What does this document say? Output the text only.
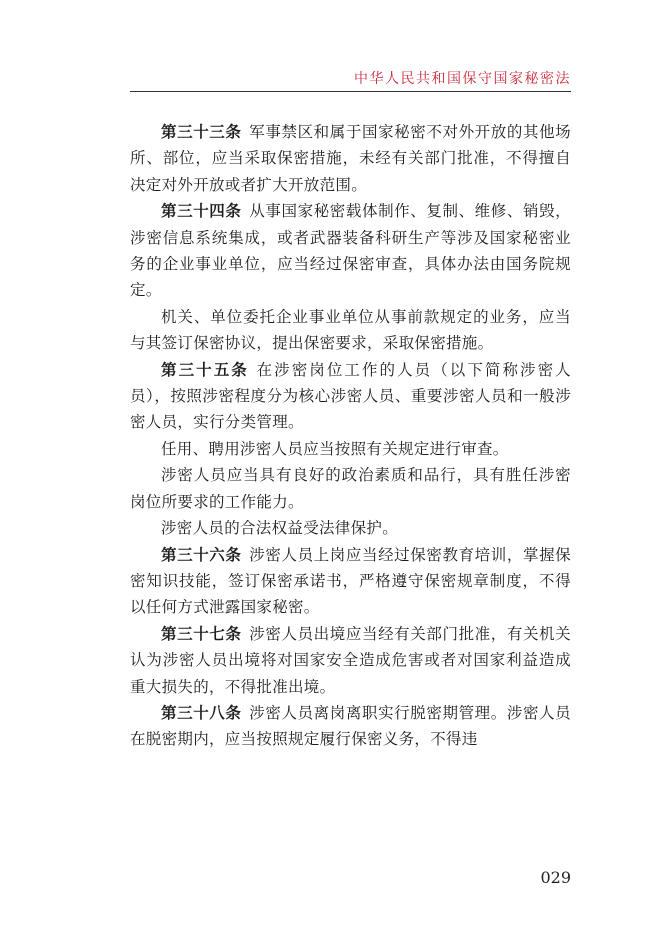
中华人民共和国保守国家秘密法

第三十三条 军事禁区和属于国家秘密不对外开放的其他场所、部位，应当采取保密措施，未经有关部门批准，不得擅自决定对外开放或者扩大开放范围。

第三十四条 从事国家秘密载体制作、复制、维修、销毁，涉密信息系统集成，或者武器装备科研生产等涉及国家秘密业务的企业事业单位，应当经过保密审查，具体办法由国务院规定。

机关、单位委托企业事业单位从事前款规定的业务，应当与其签订保密协议，提出保密要求，采取保密措施。

第三十五条 在涉密岗位工作的人员（以下简称涉密人员），按照涉密程度分为核心涉密人员、重要涉密人员和一般涉密人员，实行分类管理。

任用、聘用涉密人员应当按照有关规定进行审查。

涉密人员应当具有良好的政治素质和品行，具有胜任涉密岗位所要求的工作能力。

涉密人员的合法权益受法律保护。

第三十六条 涉密人员上岗应当经过保密教育培训，掌握保密知识技能，签订保密承诺书，严格遵守保密规章制度，不得以任何方式泄露国家秘密。

第三十七条 涉密人员出境应当经有关部门批准，有关机关认为涉密人员出境将对国家安全造成危害或者对国家利益造成重大损失的，不得批准出境。

第三十八条 涉密人员离岗离职实行脱密期管理。涉密人员在脱密期内，应当按照规定履行保密义务，不得违

029
